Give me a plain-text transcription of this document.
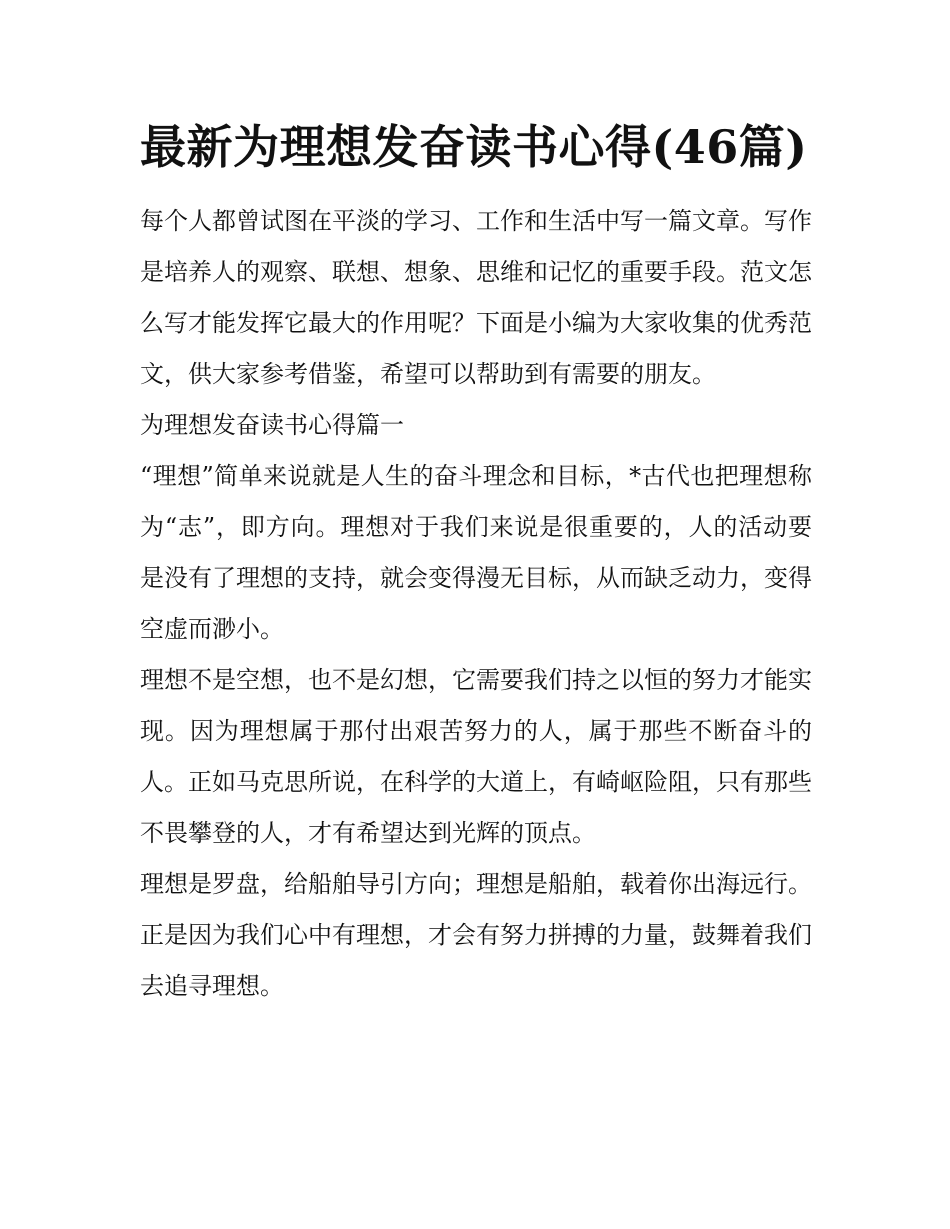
最新为理想发奋读书心得(46篇)

每个人都曾试图在平淡的学习、工作和生活中写一篇文章。写作是培养人的观察、联想、想象、思维和记忆的重要手段。范文怎么写才能发挥它最大的作用呢？下面是小编为大家收集的优秀范文，供大家参考借鉴，希望可以帮助到有需要的朋友。

为理想发奋读书心得篇一

“理想”简单来说就是人生的奋斗理念和目标，*古代也把理想称为“志”，即方向。理想对于我们来说是很重要的，人的活动要是没有了理想的支持，就会变得漫无目标，从而缺乏动力，变得空虚而渺小。

理想不是空想，也不是幻想，它需要我们持之以恒的努力才能实现。因为理想属于那付出艰苦努力的人，属于那些不断奋斗的人。正如马克思所说，在科学的大道上，有崎岖险阻，只有那些不畏攀登的人，才有希望达到光辉的顶点。

理想是罗盘，给船舶导引方向；理想是船舶，载着你出海远行。正是因为我们心中有理想，才会有努力拼搏的力量，鼓舞着我们去追寻理想。
